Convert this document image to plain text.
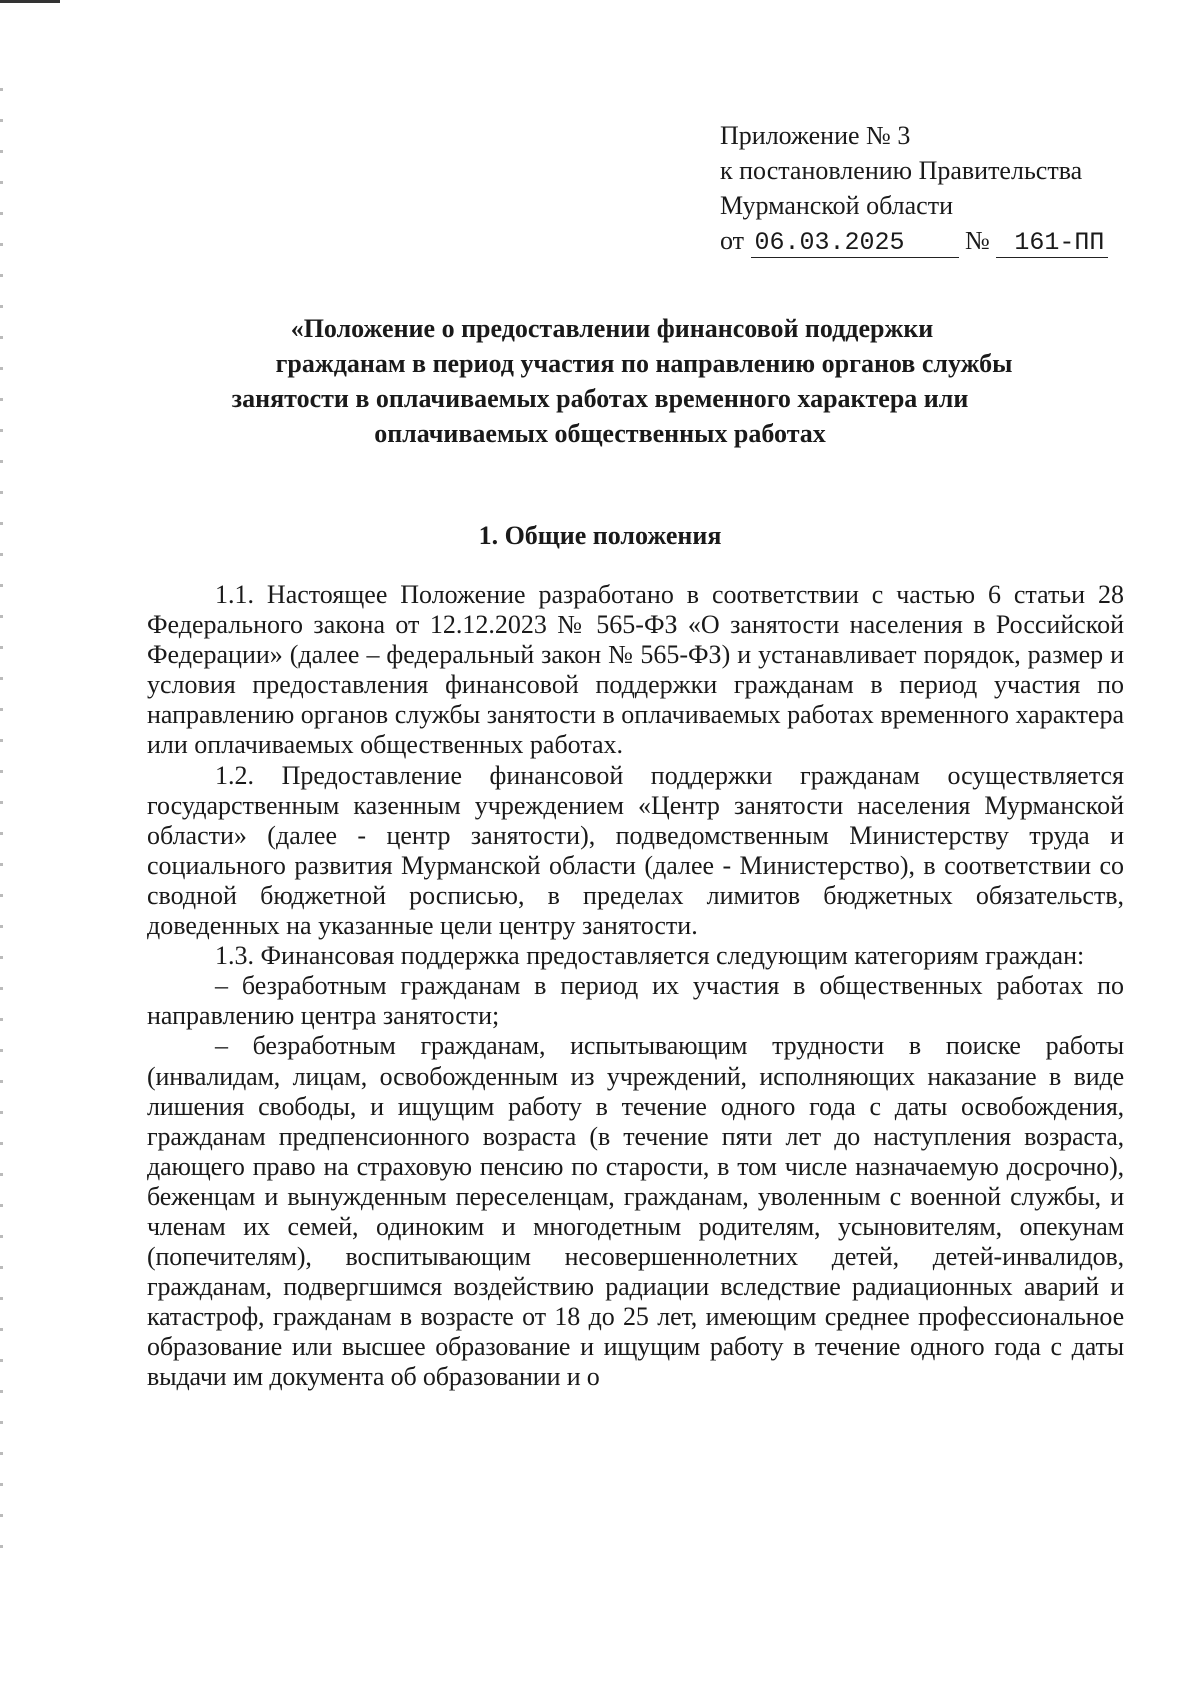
Приложение № 3
к постановлению Правительства
Мурманской области
от 06.03.2025 № 161-ПП
«Положение о предоставлении финансовой поддержки
гражданам в период участия по направлению органов службы
занятости в оплачиваемых работах временного характера или
оплачиваемых общественных работах
1. Общие положения

1.1. Настоящее Положение разработано в соответствии с частью 6 статьи 28 Федерального закона от 12.12.2023 № 565-ФЗ «О занятости населения в Российской Федерации» (далее – федеральный закон № 565-ФЗ) и устанавливает порядок, размер и условия предоставления финансовой поддержки гражданам в период участия по направлению органов службы занятости в оплачиваемых работах временного характера или оплачиваемых общественных работах.

1.2. Предоставление финансовой поддержки гражданам осуществляется государственным казенным учреждением «Центр занятости населения Мурманской области» (далее - центр занятости), подведомственным Министерству труда и социального развития Мурманской области (далее - Министерство), в соответствии со сводной бюджетной росписью, в пределах лимитов бюджетных обязательств, доведенных на указанные цели центру занятости.

1.3. Финансовая поддержка предоставляется следующим категориям граждан:

– безработным гражданам в период их участия в общественных работах по направлению центра занятости;

– безработным гражданам, испытывающим трудности в поиске работы (инвалидам, лицам, освобожденным из учреждений, исполняющих наказание в виде лишения свободы, и ищущим работу в течение одного года с даты освобождения, гражданам предпенсионного возраста (в течение пяти лет до наступления возраста, дающего право на страховую пенсию по старости, в том числе назначаемую досрочно), беженцам и вынужденным переселенцам, гражданам, уволенным с военной службы, и членам их семей, одиноким и многодетным родителям, усыновителям, опекунам (попечителям), воспитывающим несовершеннолетних детей, детей-инвалидов, гражданам, подвергшимся воздействию радиации вследствие радиационных аварий и катастроф, гражданам в возрасте от 18 до 25 лет, имеющим среднее профессиональное образование или высшее образование и ищущим работу в течение одного года с даты выдачи им документа об образовании и о
